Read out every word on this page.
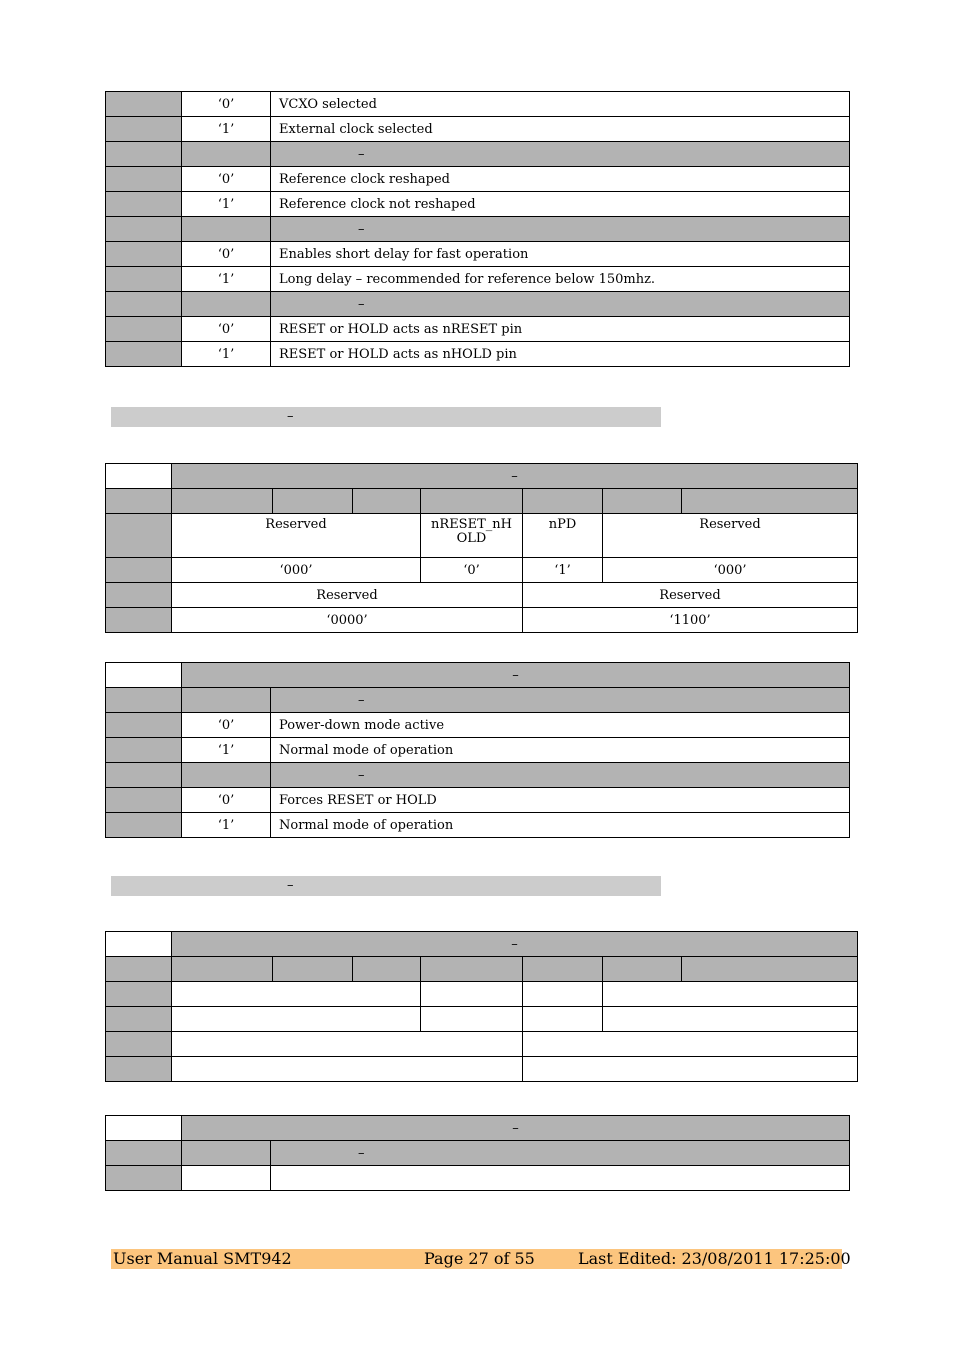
	‘0’	VCXO selected
	‘1’	External clock selected
		–
	‘0’	Reference clock reshaped
	‘1’	Reference clock not reshaped
		–
	‘0’	Enables short delay for fast operation
	‘1’	Long delay – recommended for reference below 150mhz.
		–
	‘0’	RESET or HOLD acts as nRESET pin
	‘1’	RESET or HOLD acts as nHOLD pin
–
	–						

	Reserved			nRESET_nHOLD	nPD	Reserved	
	‘000’			‘0’	‘1’	‘000’	
	Reserved				Reserved		
	‘0000’				‘1100’		
	–	
		–
	‘0’	Power-down mode active
	‘1’	Normal mode of operation
		–
	‘0’	Forces RESET or HOLD
	‘1’	Normal mode of operation
–
	–						

	–	
		–

User Manual SMT942	Page 27 of 55	Last Edited: 23/08/2011 17:25:00
